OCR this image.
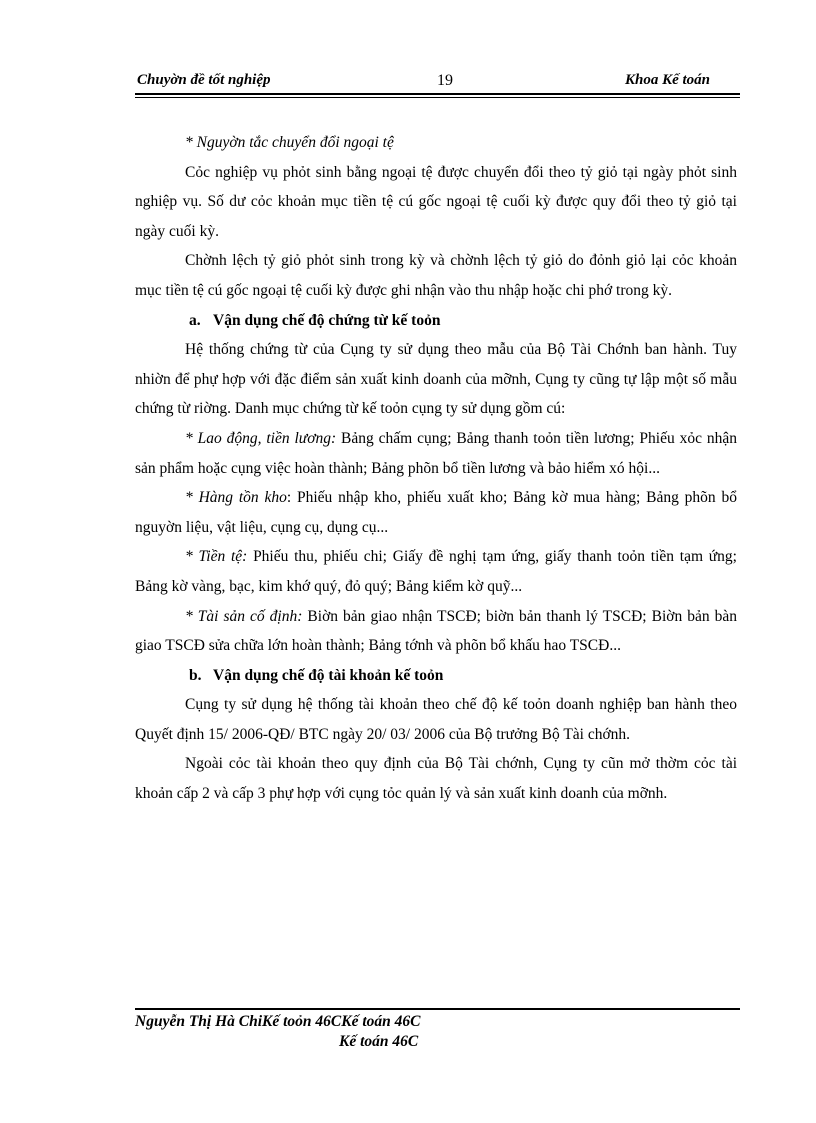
Chuyờn đề tốt nghiệp	19	Khoa Kế toán

* Nguyờn tắc chuyển đổi ngoại tệ

Cỏc nghiệp vụ phỏt sinh bằng ngoại tệ được chuyển đổi theo tỷ giỏ tại ngày phỏt sinh nghiệp vụ. Số dư cỏc khoản mục tiền tệ cú gốc ngoại tệ cuối kỳ được quy đổi theo tỷ giỏ tại ngày cuối kỳ.

Chờnh lệch tỷ giỏ phỏt sinh trong kỳ và chờnh lệch tỷ giỏ do đỏnh giỏ lại cỏc khoản mục tiền tệ cú gốc ngoại tệ cuối kỳ được ghi nhận vào thu nhập hoặc chi phớ trong kỳ.

a. Vận dụng chế độ chứng từ kế toỏn

Hệ thống chứng từ của Cụng ty sử dụng theo mẫu của Bộ Tài Chớnh ban hành. Tuy nhiờn để phự hợp với đặc điểm sản xuất kinh doanh của mỡnh, Cụng ty cũng tự lập một số mẫu chứng từ riờng. Danh mục chứng từ kế toỏn cụng ty sử dụng gồm cú:

* Lao động, tiền lương: Bảng chấm cụng; Bảng thanh toỏn tiền lương; Phiếu xỏc nhận sản phẩm hoặc cụng việc hoàn thành; Bảng phõn bổ tiền lương và bảo hiểm xó hội...

* Hàng tồn kho: Phiếu nhập kho, phiếu xuất kho; Bảng kờ mua hàng; Bảng phõn bổ nguyờn liệu, vật liệu, cụng cụ, dụng cụ...

* Tiền tệ: Phiếu thu, phiếu chi; Giấy đề nghị tạm ứng, giấy thanh toỏn tiền tạm ứng; Bảng kờ vàng, bạc, kim khớ quý, đỏ quý; Bảng kiểm kờ quỹ...

* Tài sản cố định: Biờn bản giao nhận TSCĐ; biờn bản thanh lý TSCĐ; Biờn bản bàn giao TSCĐ sửa chữa lớn hoàn thành; Bảng tớnh và phõn bổ khấu hao TSCĐ...

b. Vận dụng chế độ tài khoản kế toỏn

Cụng ty sử dụng hệ thống tài khoản theo chế độ kế toỏn doanh nghiệp ban hành theo Quyết định 15/ 2006-QĐ/ BTC ngày 20/ 03/ 2006 của Bộ trưởng Bộ Tài chớnh.

Ngoài cỏc tài khoản theo quy định của Bộ Tài chớnh, Cụng ty cũn mở thờm cỏc tài khoản cấp 2 và cấp 3 phự hợp với cụng tỏc quản lý và sản xuất kinh doanh của mỡnh.

Nguyễn Thị Hà ChiKế toỏn 46CKế toán 46C
Kế toán 46C
